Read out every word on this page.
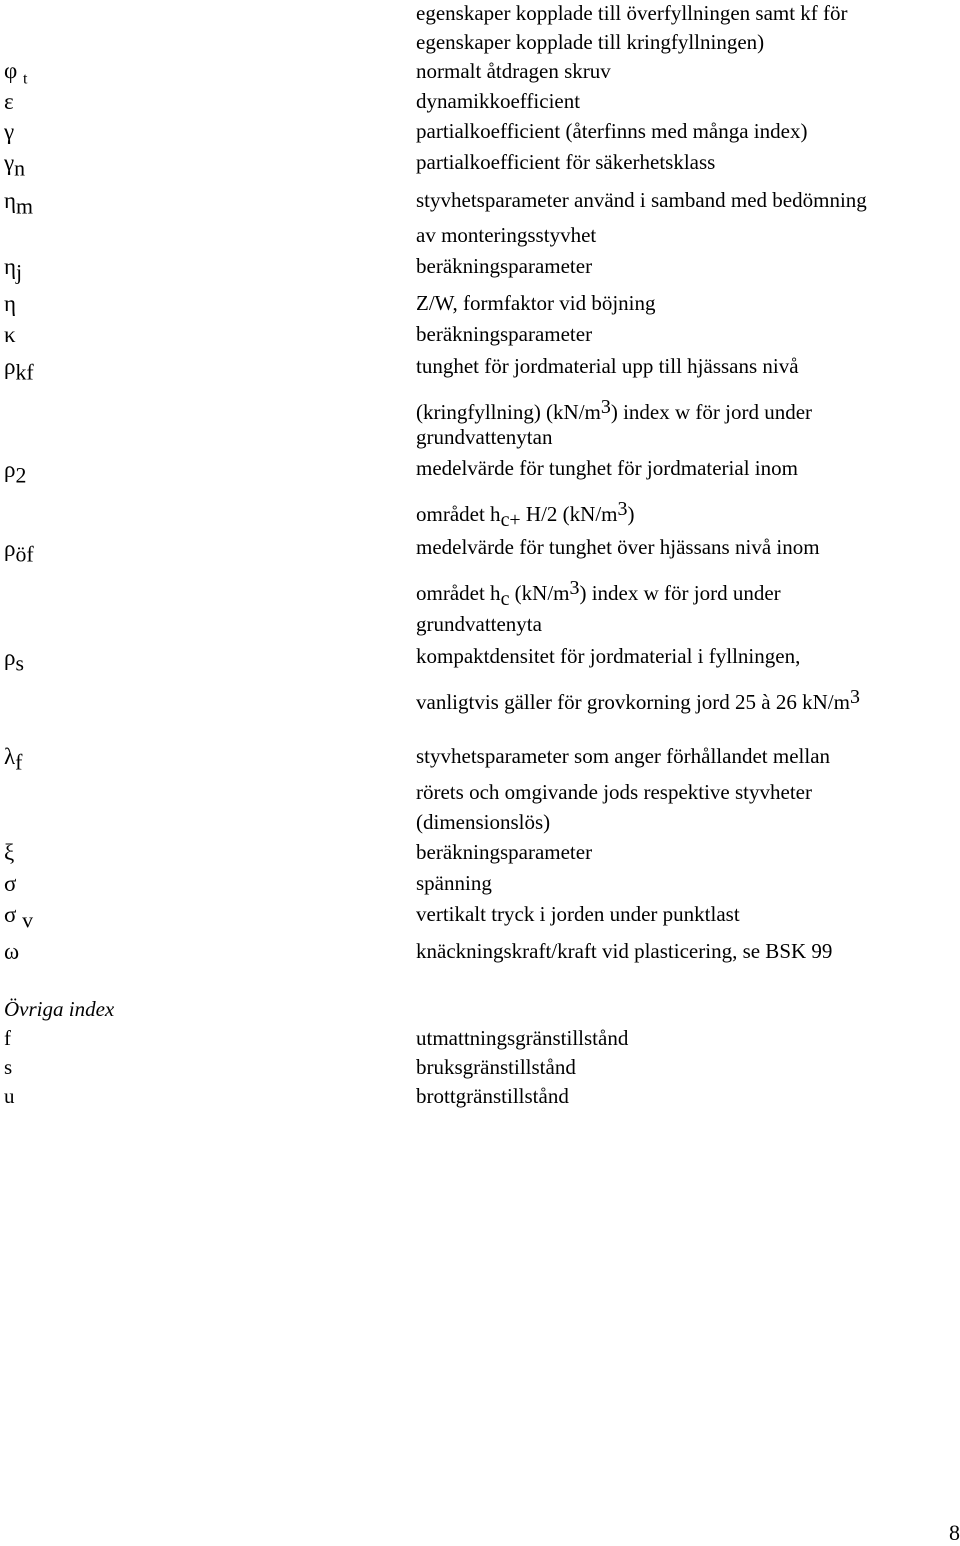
egenskaper kopplade till överfyllningen samt kf för
egenskaper kopplade till kringfyllningen)
φ $_t$	normalt åtdragen skruv
ε	dynamikkoefficient
γ	partialkoefficient (återfinns med många index)
$\gamma_n$	partialkoefficient för säkerhetsklass
$\eta_m$	styvhetsparameter använd i samband med bedömning
av monteringsstyvhet
$\eta_j$	beräkningsparameter
η	Z/W, formfaktor vid böjning
κ	beräkningsparameter
$\rho_{kf}$	tunghet för jordmaterial upp till hjässans nivå
(kringfyllning) $(kN/m^3)$ index w för jord under
grundvattenytan
$\rho_2$	medelvärde för tunghet för jordmaterial inom
området $h_{c+}$ H/2 $(kN/m^3)$
$\rho_{öf}$	medelvärde för tunghet över hjässans nivå inom
området $h_c$ $(kN/m^3)$ index w för jord under
grundvattenyta
$\rho_s$	kompaktdensitet för jordmaterial i fyllningen,
vanligtvis gäller för grovkorning jord 25 à 26 $kN/m^3$
$\lambda_f$	styvhetsparameter som anger förhållandet mellan
rörets och omgivande jods respektive styvheter
(dimensionslös)
ξ	beräkningsparameter
σ	spänning
σ $_v$	vertikalt tryck i jorden under punktlast
ω	knäckningskraft/kraft vid plasticering, se BSK 99
Övriga index
f	utmattningsgränstillstånd
s	bruksgränstillstånd
u	brottgränstillstånd
8
